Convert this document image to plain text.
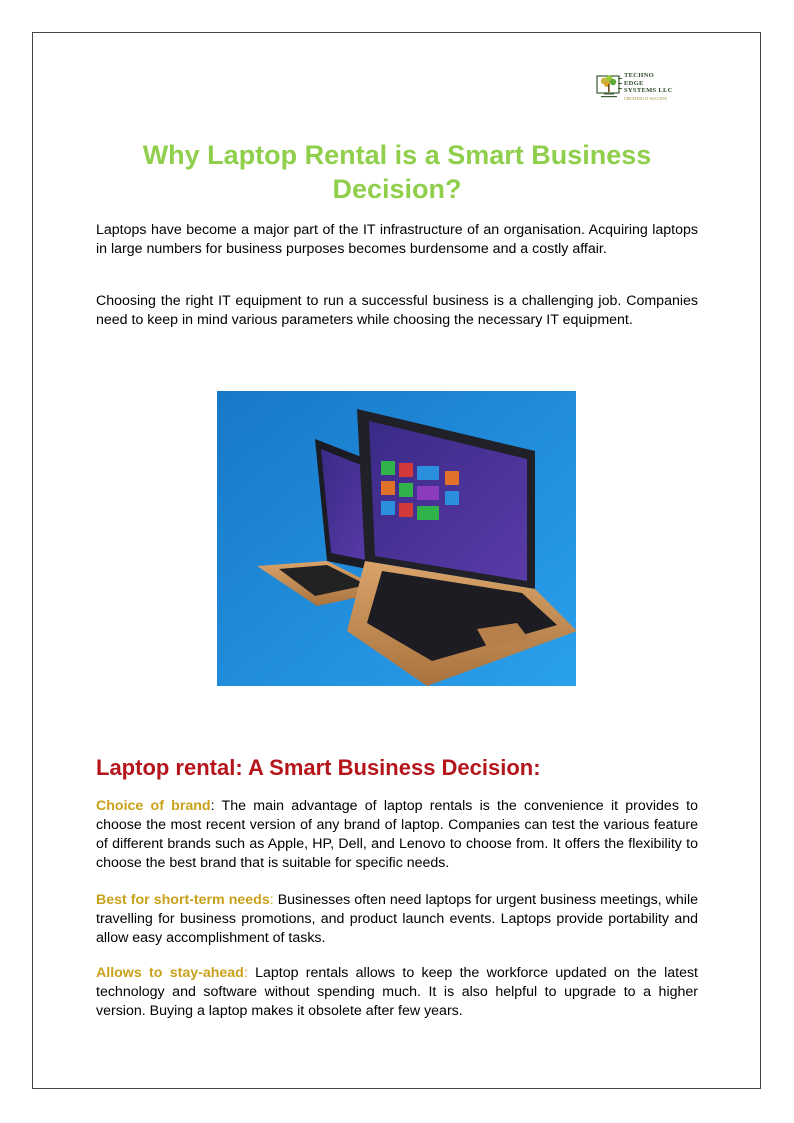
TECHNO
EDGE
SYSTEMS LLC
CREATING IT SUCCESS
Why Laptop Rental is a Smart Business Decision?

Laptops have become a major part of the IT infrastructure of an organisation. Acquiring laptops in large numbers for business purposes becomes burdensome and a costly affair.

Choosing the right IT equipment to run a successful business is a challenging job. Companies need to keep in mind various parameters while choosing the necessary IT equipment.

Laptop rental: A Smart Business Decision:

Choice of brand: The main advantage of laptop rentals is the convenience it provides to choose the most recent version of any brand of laptop. Companies can test the various feature of different brands such as Apple, HP, Dell, and Lenovo to choose from. It offers the flexibility to choose the best brand that is suitable for specific needs.

Best for short-term needs: Businesses often need laptops for urgent business meetings, while travelling for business promotions, and product launch events. Laptops provide portability and allow easy accomplishment of tasks.

Allows to stay-ahead: Laptop rentals allows to keep the workforce updated on the latest technology and software without spending much. It is also helpful to upgrade to a higher version. Buying a laptop makes it obsolete after few years.
